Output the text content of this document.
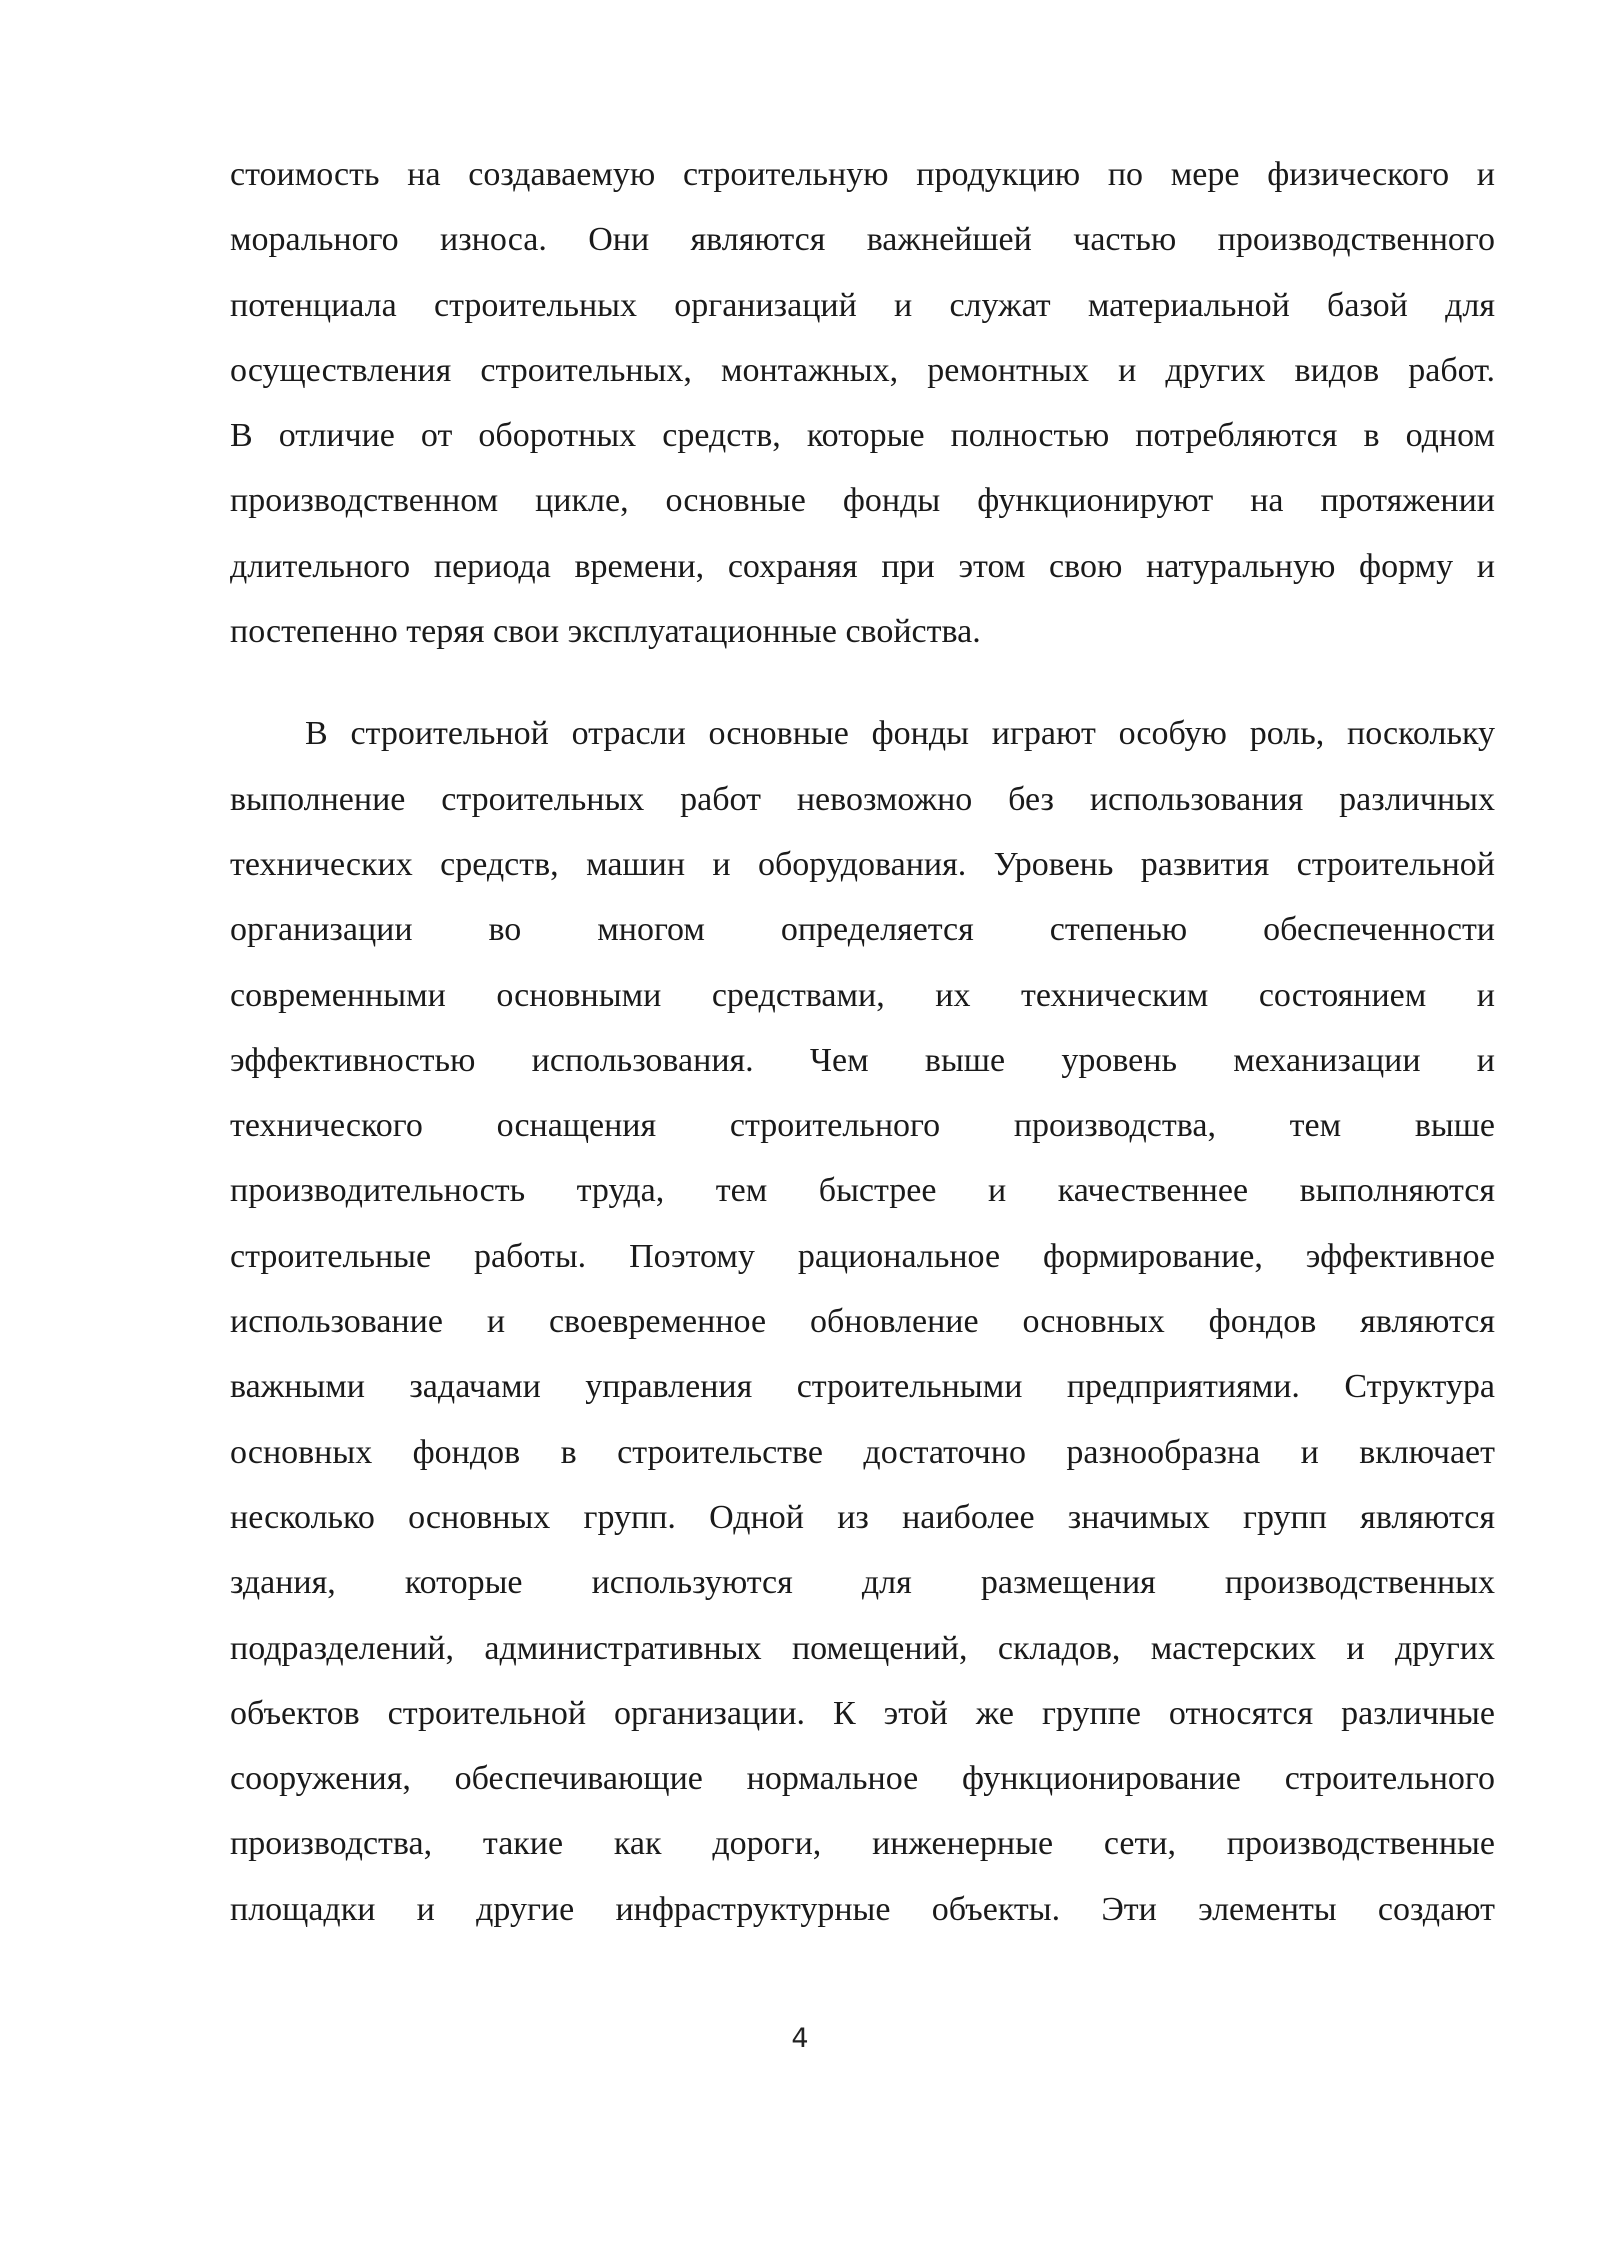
стоимость на создаваемую строительную продукцию по мере физического и
морального износа. Они являются важнейшей частью производственного
потенциала строительных организаций и служат материальной базой для
осуществления строительных, монтажных, ремонтных и других видов работ.
В отличие от оборотных средств, которые полностью потребляются в одном
производственном цикле, основные фонды функционируют на протяжении
длительного периода времени, сохраняя при этом свою натуральную форму и
постепенно теряя свои эксплуатационные свойства.
В строительной отрасли основные фонды играют особую роль, поскольку
выполнение строительных работ невозможно без использования различных
технических средств, машин и оборудования. Уровень развития строительной
организации во многом определяется степенью обеспеченности
современными основными средствами, их техническим состоянием и
эффективностью использования. Чем выше уровень механизации и
технического оснащения строительного производства, тем выше
производительность труда, тем быстрее и качественнее выполняются
строительные работы. Поэтому рациональное формирование, эффективное
использование и своевременное обновление основных фондов являются
важными задачами управления строительными предприятиями. Структура
основных фондов в строительстве достаточно разнообразна и включает
несколько основных групп. Одной из наиболее значимых групп являются
здания, которые используются для размещения производственных
подразделений, административных помещений, складов, мастерских и других
объектов строительной организации. К этой же группе относятся различные
сооружения, обеспечивающие нормальное функционирование строительного
производства, такие как дороги, инженерные сети, производственные
площадки и другие инфраструктурные объекты. Эти элементы создают
4
